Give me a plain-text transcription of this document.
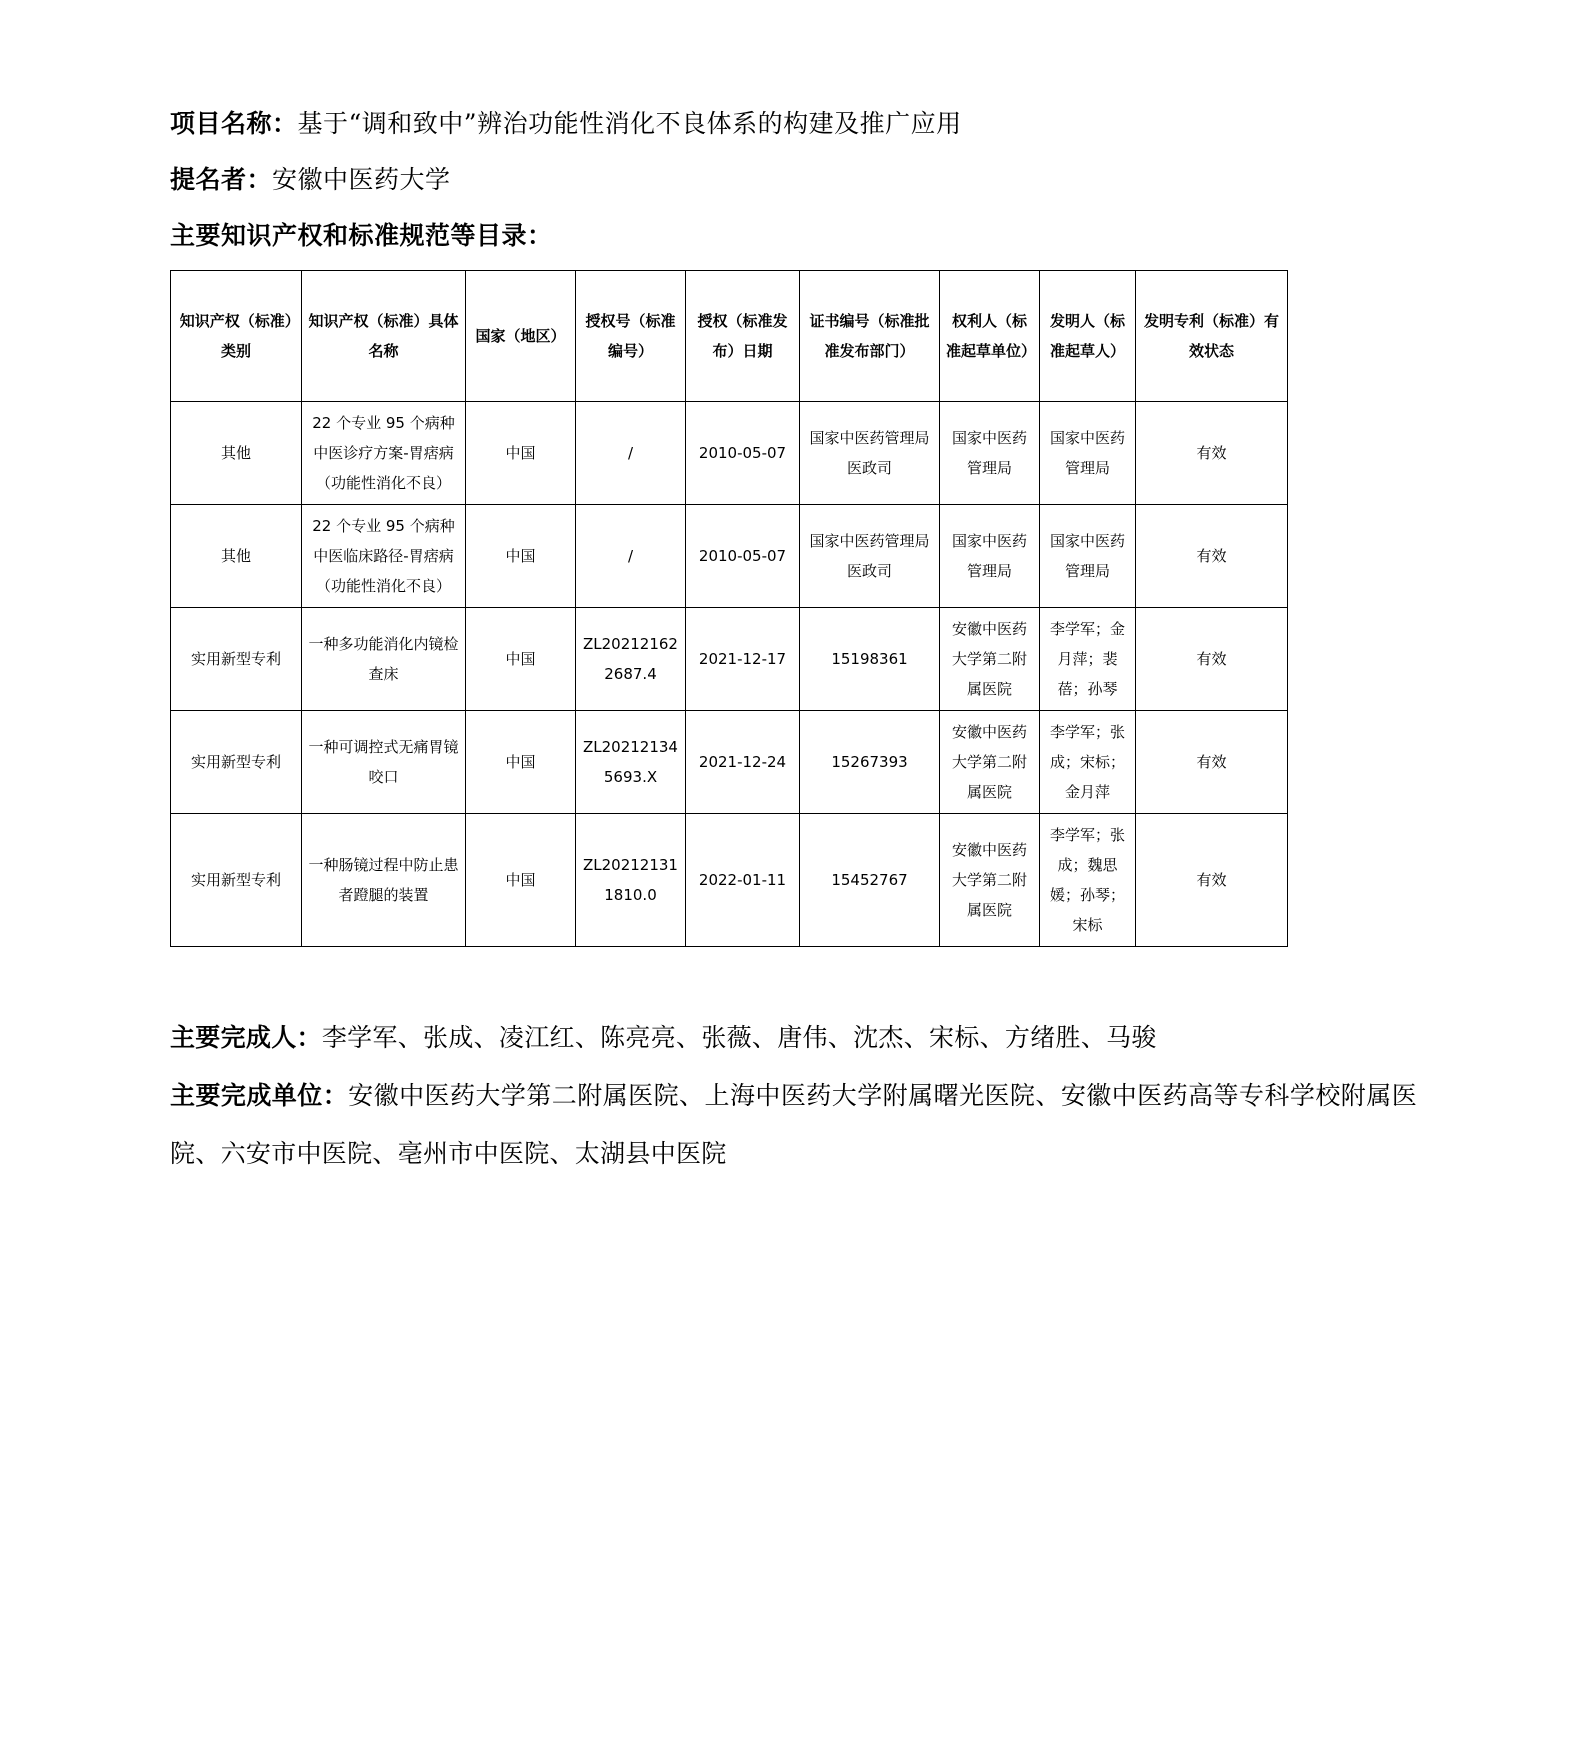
项目名称：基于“调和致中”辨治功能性消化不良体系的构建及推广应用
提名者：安徽中医药大学
主要知识产权和标准规范等目录：
知识产权（标准）类别	知识产权（标准）具体名称	国家（地区）	授权号（标准编号）	授权（标准发布）日期	证书编号（标准批准发布部门）	权利人（标准起草单位）	发明人（标准起草人）	发明专利（标准）有效状态
其他	22 个专业 95 个病种中医诊疗方案-胃痞病（功能性消化不良）	中国	/	2010-05-07	国家中医药管理局医政司	国家中医药管理局	国家中医药管理局	有效
其他	22 个专业 95 个病种中医临床路径-胃痞病（功能性消化不良）	中国	/	2010-05-07	国家中医药管理局医政司	国家中医药管理局	国家中医药管理局	有效
实用新型专利	一种多功能消化内镜检查床	中国	ZL202121622687.4	2021-12-17	15198361	安徽中医药大学第二附属医院	李学军；金月萍；裴蓓；孙琴	有效
实用新型专利	一种可调控式无痛胃镜咬口	中国	ZL202121345693.X	2021-12-24	15267393	安徽中医药大学第二附属医院	李学军；张成；宋标；金月萍	有效
实用新型专利	一种肠镜过程中防止患者蹬腿的装置	中国	ZL202121311810.0	2022-01-11	15452767	安徽中医药大学第二附属医院	李学军；张成；魏思媛；孙琴；宋标	有效
主要完成人：李学军、张成、凌江红、陈亮亮、张薇、唐伟、沈杰、宋标、方绪胜、马骏
主要完成单位：安徽中医药大学第二附属医院、上海中医药大学附属曙光医院、安徽中医药高等专科学校附属医院、六安市中医院、亳州市中医院、太湖县中医院
